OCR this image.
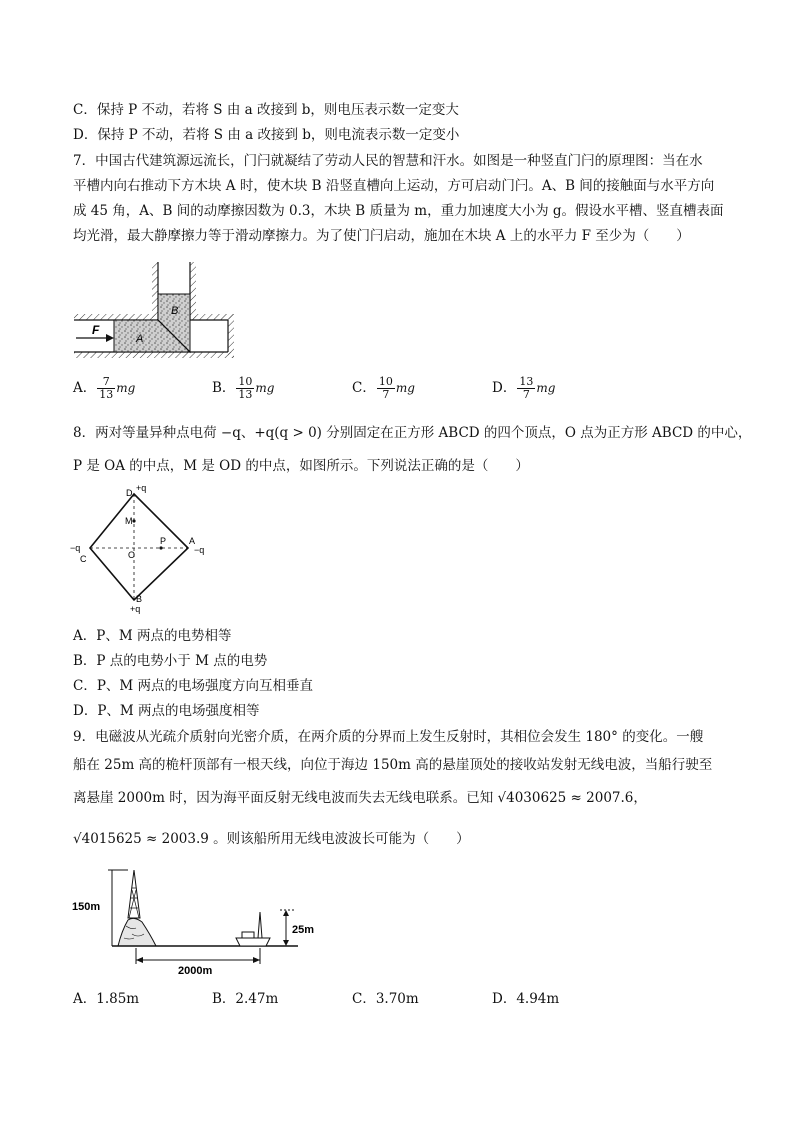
C．保持 P 不动，若将 S 由 a 改接到 b，则电压表示数一定变大
D．保持 P 不动，若将 S 由 a 改接到 b，则电流表示数一定变小
7．中国古代建筑源远流长，门闩就凝结了劳动人民的智慧和汗水。如图是一种竖直门闩的原理图：当在水
平槽内向右推动下方木块 A 时，使木块 B 沿竖直槽向上运动，方可启动门闩。A、B 间的接触面与水平方向
成 45 角，A、B 间的动摩擦因数为 0.3，木块 B 质量为 m，重力加速度大小为 g。假设水平槽、竖直槽表面
均光滑，最大静摩擦力等于滑动摩擦力。为了使门闩启动，施加在木块 A 上的水平力 F 至少为（　　）
F
A
B
A． $\frac{7}{13}$ mg	B． $\frac{10}{13}$ mg	C． $\frac{10}{7}$ mg	D． $\frac{13}{7}$ mg
8．两对等量异种点电荷 −q、+q(q > 0) 分别固定在正方形 ABCD 的四个顶点，O 点为正方形 ABCD 的中心，
P 是 OA 的中点，M 是 OD 的中点，如图所示。下列说法正确的是（　　）
D +q
A
−q
−q
C
B
+q
O
M
P
A．P、M 两点的电势相等
B．P 点的电势小于 M 点的电势
C．P、M 两点的电场强度方向互相垂直
D．P、M 两点的电场强度相等
9．电磁波从光疏介质射向光密介质，在两介质的分界而上发生反射时，其相位会发生 180° 的变化。一艘
船在 25m 高的桅杆顶部有一根天线，向位于海边 150m 高的悬崖顶处的接收站发射无线电波，当船行驶至
离悬崖 2000m 时，因为海平面反射无线电波而失去无线电联系。已知 √4030625 ≈ 2007.6，
√4015625 ≈ 2003.9 。则该船所用无线电波波长可能为（　　）
150m
25m
2000m
A．1.85m	B．2.47m	C．3.70m	D．4.94m
